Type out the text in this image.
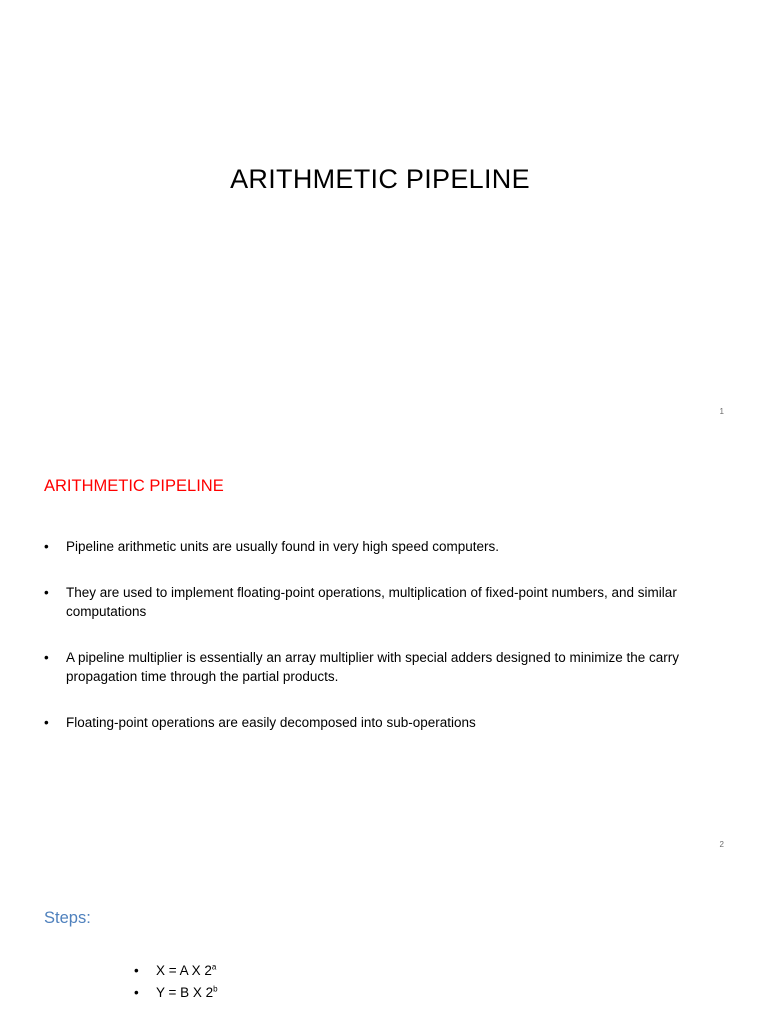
ARITHMETIC PIPELINE
1
ARITHMETIC PIPELINE
• Pipeline arithmetic units are usually found in very high speed computers.
• They are used to implement floating-point operations, multiplication of fixed-point numbers, and similar computations
• A pipeline multiplier is essentially an array multiplier with special adders designed to minimize the carry propagation time through the partial products.
• Floating-point operations are easily decomposed into sub-operations
2
Steps:
• X = A X 2$^a$
• Y = B X 2$^b$
